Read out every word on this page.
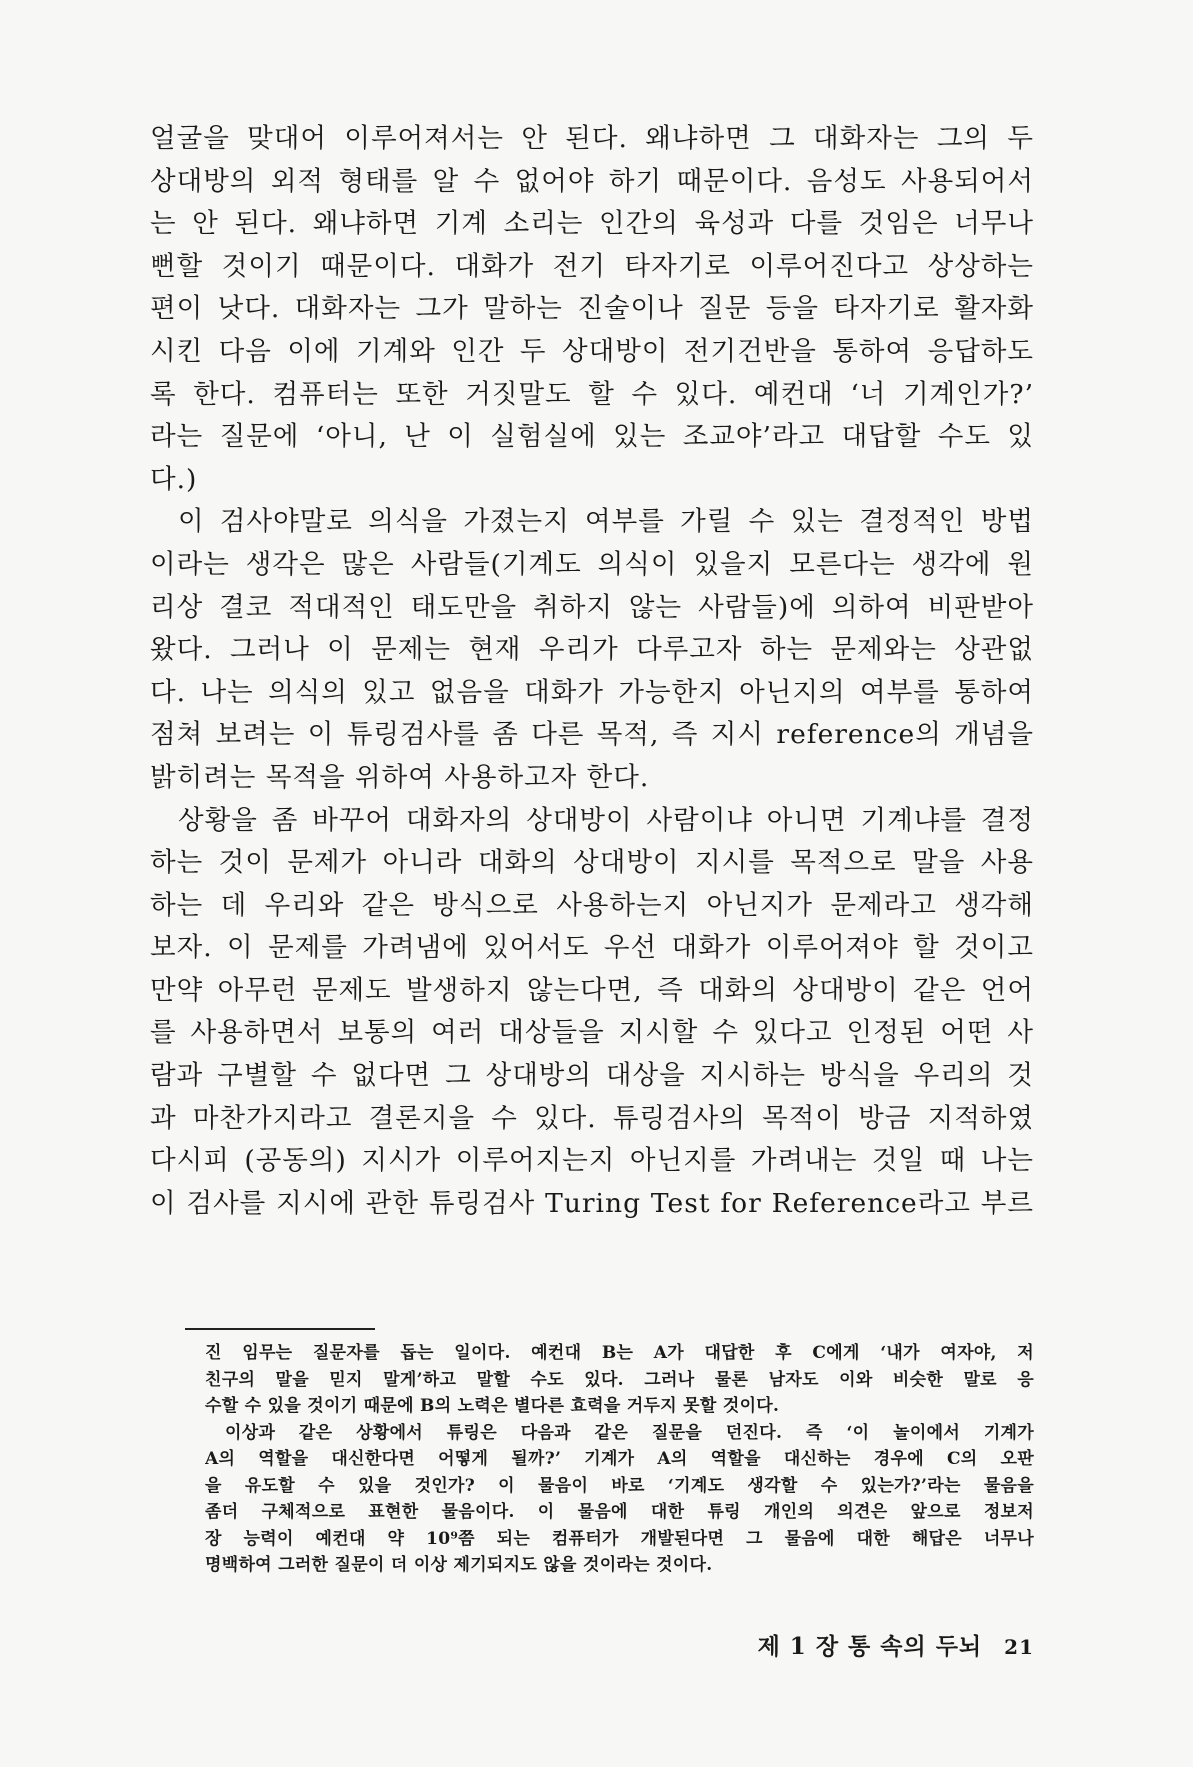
얼굴을 맞대어 이루어져서는 안 된다. 왜냐하면 그 대화자는 그의 두
상대방의 외적 형태를 알 수 없어야 하기 때문이다. 음성도 사용되어서
는 안 된다. 왜냐하면 기계 소리는 인간의 육성과 다를 것임은 너무나
뻔할 것이기 때문이다. 대화가 전기 타자기로 이루어진다고 상상하는
편이 낫다. 대화자는 그가 말하는 진술이나 질문 등을 타자기로 활자화
시킨 다음 이에 기계와 인간 두 상대방이 전기건반을 통하여 응답하도
록 한다. 컴퓨터는 또한 거짓말도 할 수 있다. 예컨대 ‘너 기계인가?’
라는 질문에 ‘아니, 난 이 실험실에 있는 조교야’라고 대답할 수도 있
다.)
이 검사야말로 의식을 가졌는지 여부를 가릴 수 있는 결정적인 방법
이라는 생각은 많은 사람들(기계도 의식이 있을지 모른다는 생각에 원
리상 결코 적대적인 태도만을 취하지 않는 사람들)에 의하여 비판받아
왔다. 그러나 이 문제는 현재 우리가 다루고자 하는 문제와는 상관없
다. 나는 의식의 있고 없음을 대화가 가능한지 아닌지의 여부를 통하여
점쳐 보려는 이 튜링검사를 좀 다른 목적, 즉 지시 reference의 개념을
밝히려는 목적을 위하여 사용하고자 한다.
상황을 좀 바꾸어 대화자의 상대방이 사람이냐 아니면 기계냐를 결정
하는 것이 문제가 아니라 대화의 상대방이 지시를 목적으로 말을 사용
하는 데 우리와 같은 방식으로 사용하는지 아닌지가 문제라고 생각해
보자. 이 문제를 가려냄에 있어서도 우선 대화가 이루어져야 할 것이고
만약 아무런 문제도 발생하지 않는다면, 즉 대화의 상대방이 같은 언어
를 사용하면서 보통의 여러 대상들을 지시할 수 있다고 인정된 어떤 사
람과 구별할 수 없다면 그 상대방의 대상을 지시하는 방식을 우리의 것
과 마찬가지라고 결론지을 수 있다. 튜링검사의 목적이 방금 지적하였
다시피 (공동의) 지시가 이루어지는지 아닌지를 가려내는 것일 때 나는
이 검사를 지시에 관한 튜링검사 Turing Test for Reference라고 부르
진 임무는 질문자를 돕는 일이다. 예컨대 B는 A가 대답한 후 C에게 ‘내가 여자야, 저
친구의 말을 믿지 말게’하고 말할 수도 있다. 그러나 물론 남자도 이와 비슷한 말로 응
수할 수 있을 것이기 때문에 B의 노력은 별다른 효력을 거두지 못할 것이다.
이상과 같은 상황에서 튜링은 다음과 같은 질문을 던진다. 즉 ‘이 놀이에서 기계가
A의 역할을 대신한다면 어떻게 될까?’ 기계가 A의 역할을 대신하는 경우에 C의 오판
을 유도할 수 있을 것인가? 이 물음이 바로 ‘기계도 생각할 수 있는가?’라는 물음을
좀더 구체적으로 표현한 물음이다. 이 물음에 대한 튜링 개인의 의견은 앞으로 정보저
장 능력이 예컨대 약 10⁹쯤 되는 컴퓨터가 개발된다면 그 물음에 대한 해답은 너무나
명백하여 그러한 질문이 더 이상 제기되지도 않을 것이라는 것이다.
제 1 장 통 속의 두뇌 21
